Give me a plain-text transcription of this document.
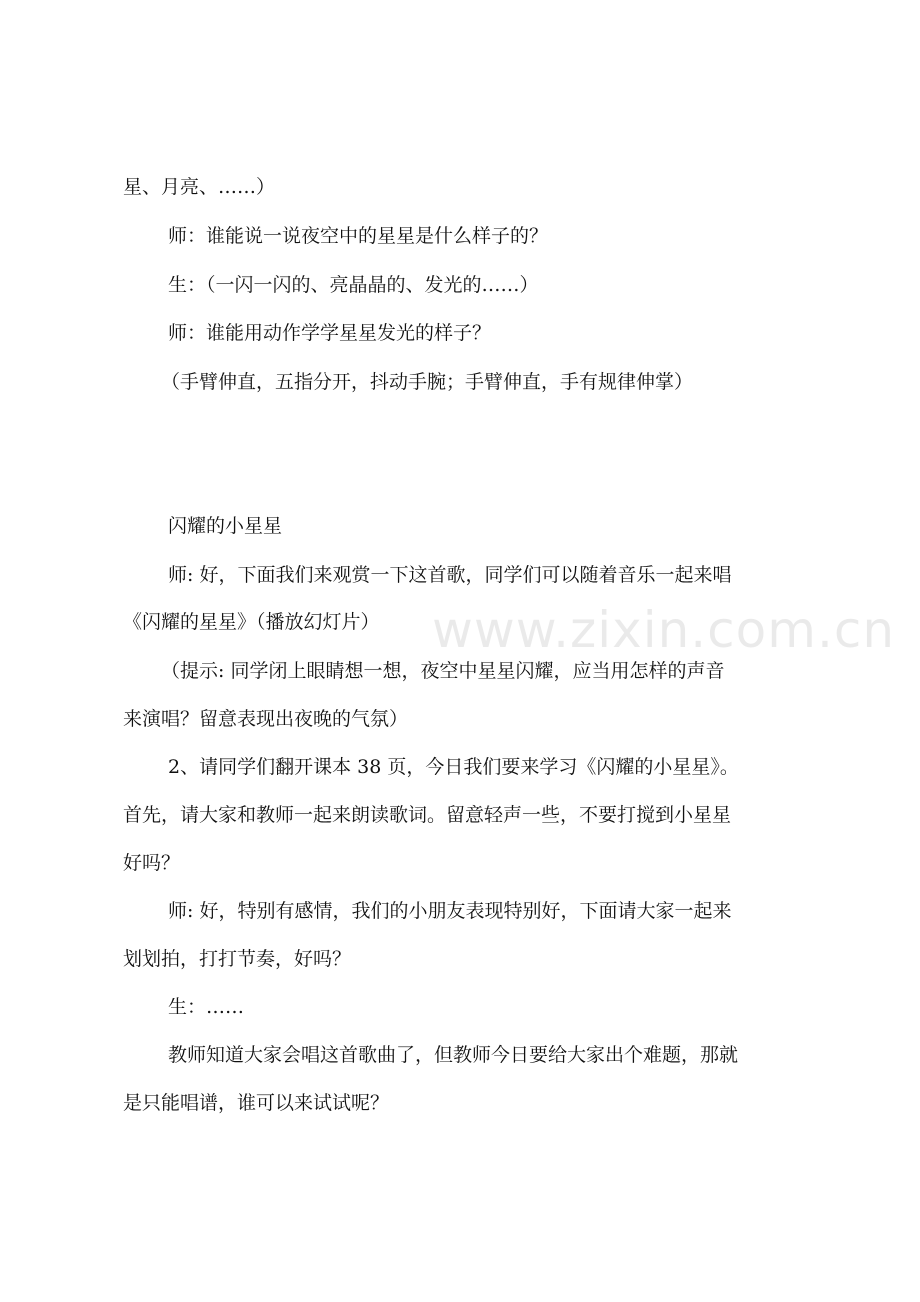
www.zixin.com.cn
星、月亮、……）
师：谁能说一说夜空中的星星是什么样子的？
生：（一闪一闪的、亮晶晶的、发光的……）
师：谁能用动作学学星星发光的样子？
（手臂伸直，五指分开，抖动手腕；手臂伸直，手有规律伸掌）
闪耀的小星星
师: 好，下面我们来观赏一下这首歌，同学们可以随着音乐一起来唱
《闪耀的星星》（播放幻灯片）
（提示: 同学闭上眼睛想一想，夜空中星星闪耀，应当用怎样的声音
来演唱？留意表现出夜晚的气氛）
2、请同学们翻开课本 38 页，今日我们要来学习《闪耀的小星星》。
首先，请大家和教师一起来朗读歌词。留意轻声一些，不要打搅到小星星
好吗？
师: 好，特别有感情，我们的小朋友表现特别好，下面请大家一起来
划划拍，打打节奏，好吗？
生：……
教师知道大家会唱这首歌曲了，但教师今日要给大家出个难题，那就
是只能唱谱，谁可以来试试呢？
